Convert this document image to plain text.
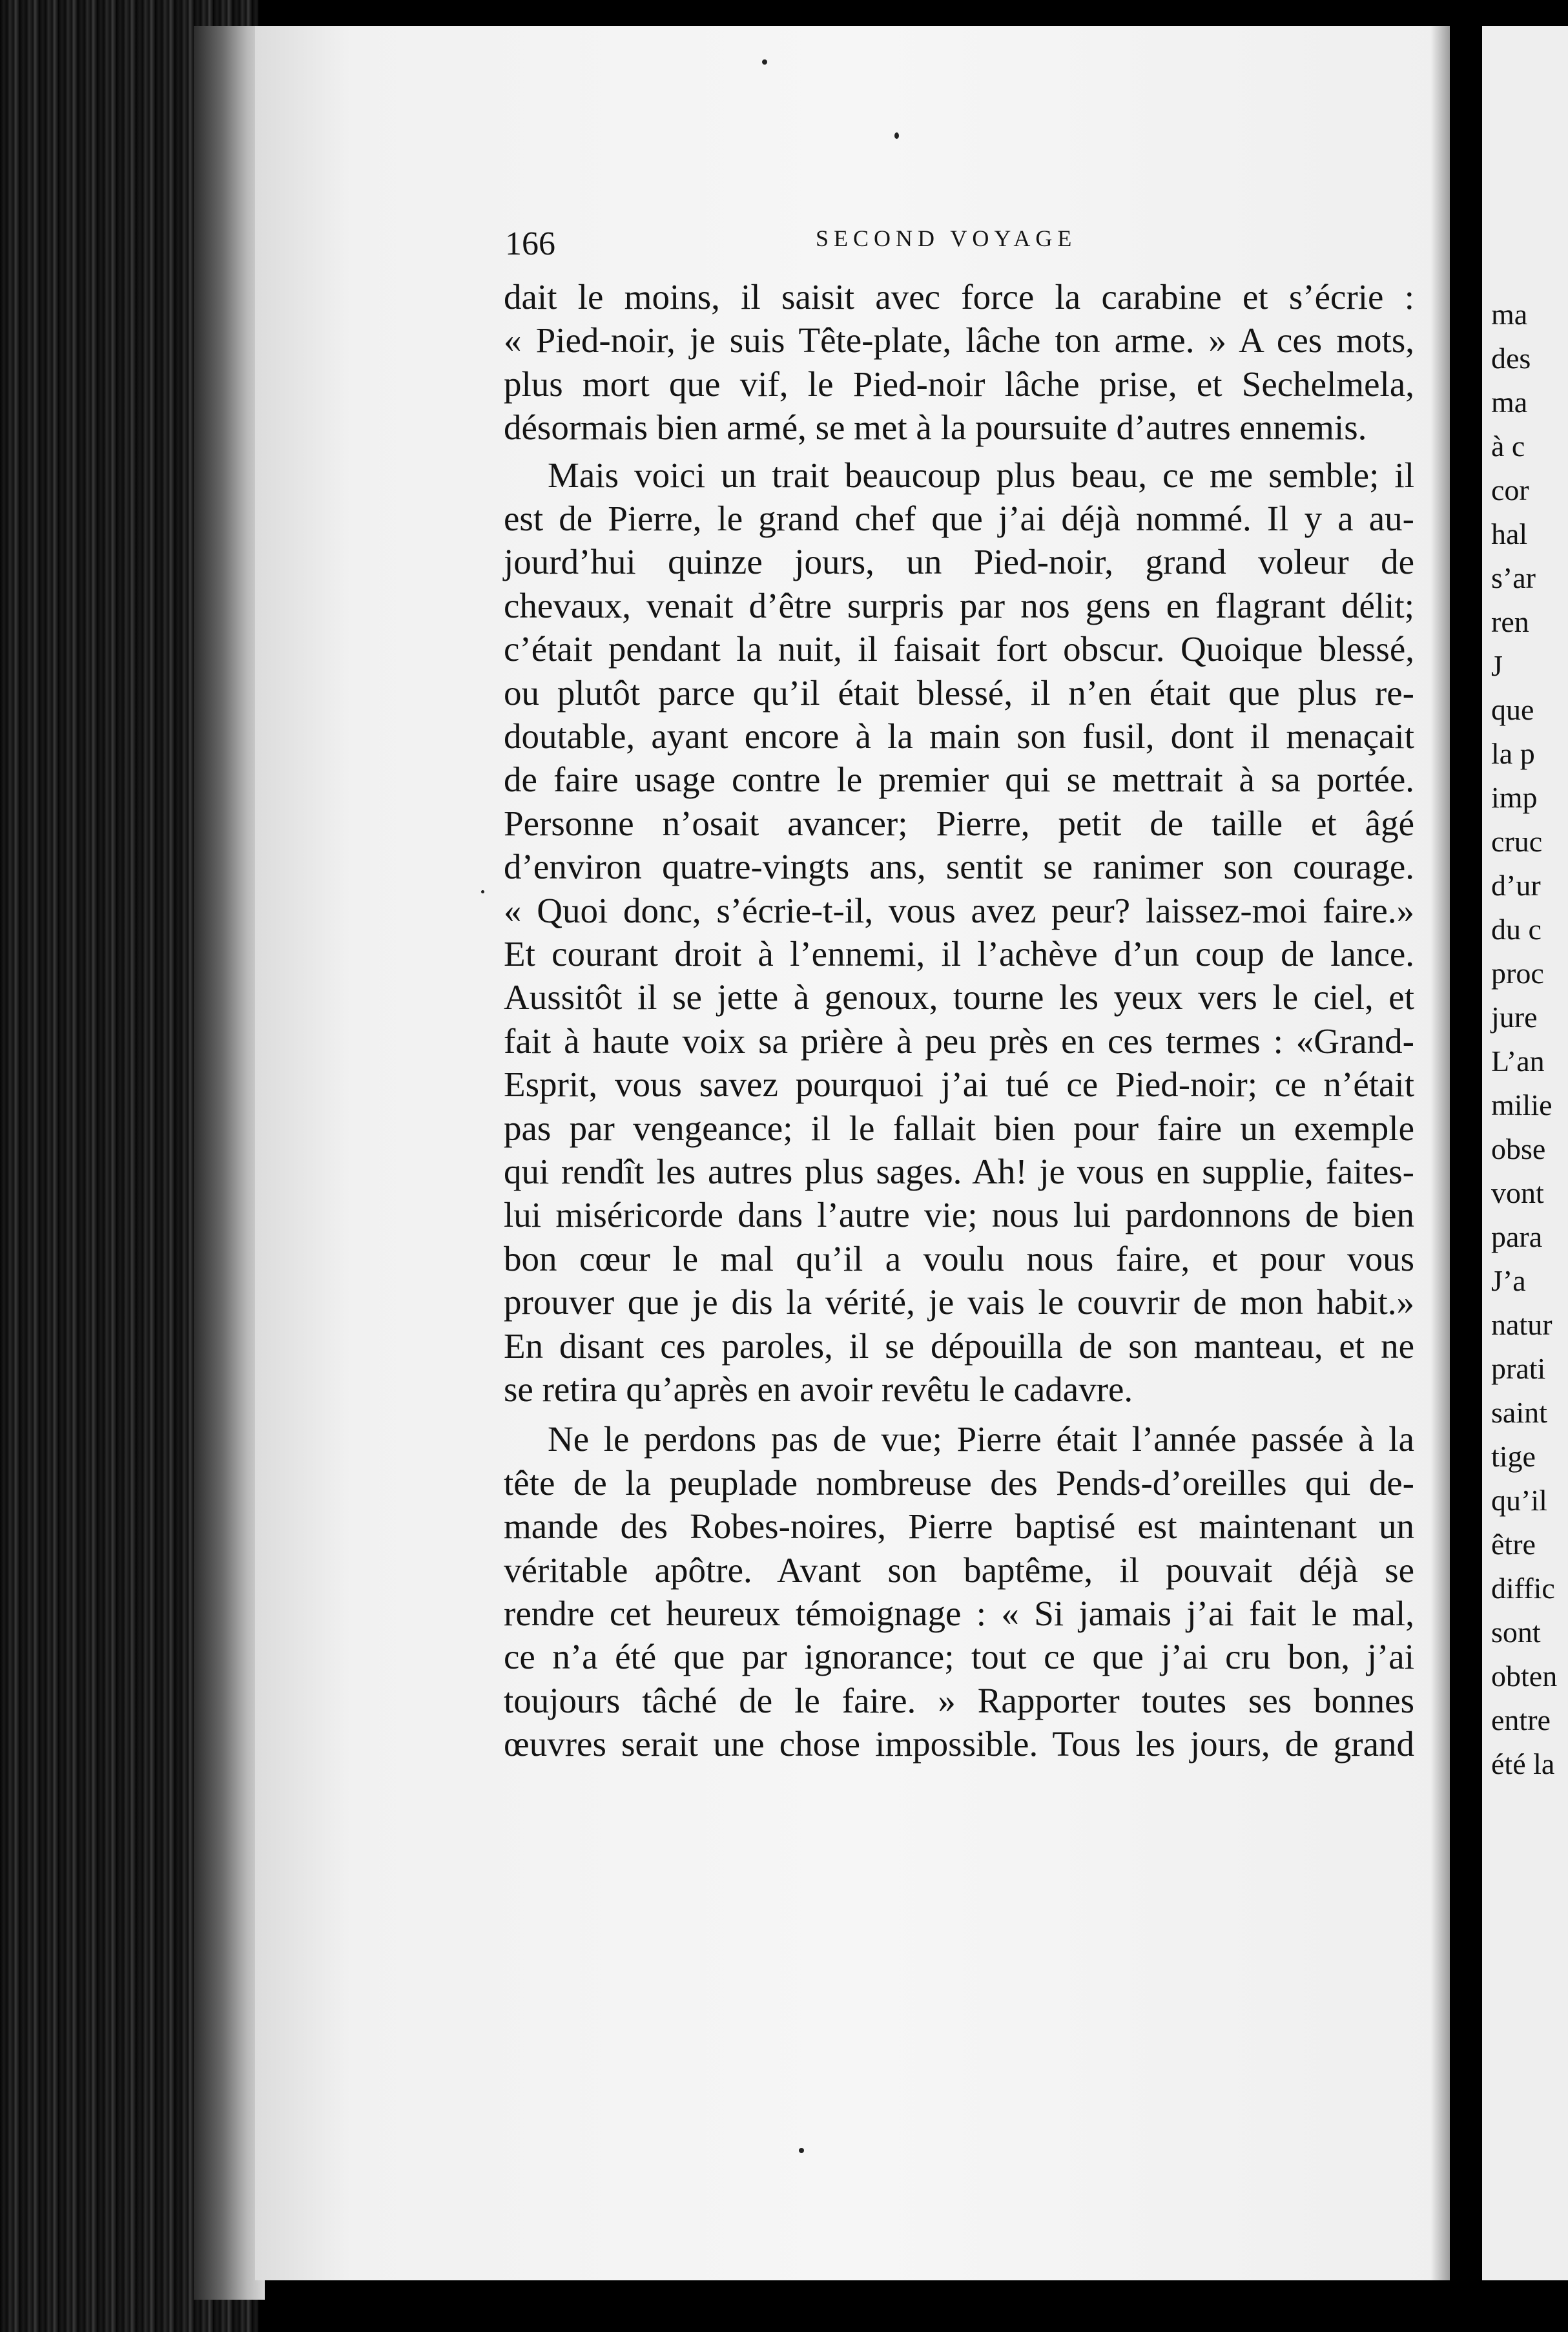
ma
des
ma
à c
cor
hal
s’ar
ren
J
que
la p
imp
cruc
d’ur
du c
proc
jure
L’an
milie
obse
vont
para
J’a
natur
prati
saint
tige
qu’il
être
diffic
sont
obten
entre
été la
166	SECOND VOYAGE
dait le moins, il saisit avec force la carabine et s’écrie :
« Pied-noir, je suis Tête-plate, lâche ton arme. » A ces mots,
plus mort que vif, le Pied-noir lâche prise, et Sechelmela,
désormais bien armé, se met à la poursuite d’autres ennemis.
Mais voici un trait beaucoup plus beau, ce me semble; il
est de Pierre, le grand chef que j’ai déjà nommé. Il y a au-
jourd’hui quinze jours, un Pied-noir, grand voleur de
chevaux, venait d’être surpris par nos gens en flagrant délit;
c’était pendant la nuit, il faisait fort obscur. Quoique blessé,
ou plutôt parce qu’il était blessé, il n’en était que plus re-
doutable, ayant encore à la main son fusil, dont il menaçait
de faire usage contre le premier qui se mettrait à sa portée.
Personne n’osait avancer; Pierre, petit de taille et âgé
d’environ quatre-vingts ans, sentit se ranimer son courage.
« Quoi donc, s’écrie-t-il, vous avez peur? laissez-moi faire.»
Et courant droit à l’ennemi, il l’achève d’un coup de lance.
Aussitôt il se jette à genoux, tourne les yeux vers le ciel, et
fait à haute voix sa prière à peu près en ces termes : «Grand-
Esprit, vous savez pourquoi j’ai tué ce Pied-noir; ce n’était
pas par vengeance; il le fallait bien pour faire un exemple
qui rendît les autres plus sages. Ah! je vous en supplie, faites-
lui miséricorde dans l’autre vie; nous lui pardonnons de bien
bon cœur le mal qu’il a voulu nous faire, et pour vous
prouver que je dis la vérité, je vais le couvrir de mon habit.»
En disant ces paroles, il se dépouilla de son manteau, et ne
se retira qu’après en avoir revêtu le cadavre.
Ne le perdons pas de vue; Pierre était l’année passée à la
tête de la peuplade nombreuse des Pends-d’oreilles qui de-
mande des Robes-noires, Pierre baptisé est maintenant un
véritable apôtre. Avant son baptême, il pouvait déjà se
rendre cet heureux témoignage : « Si jamais j’ai fait le mal,
ce n’a été que par ignorance; tout ce que j’ai cru bon, j’ai
toujours tâché de le faire. » Rapporter toutes ses bonnes
œuvres serait une chose impossible. Tous les jours, de grand
